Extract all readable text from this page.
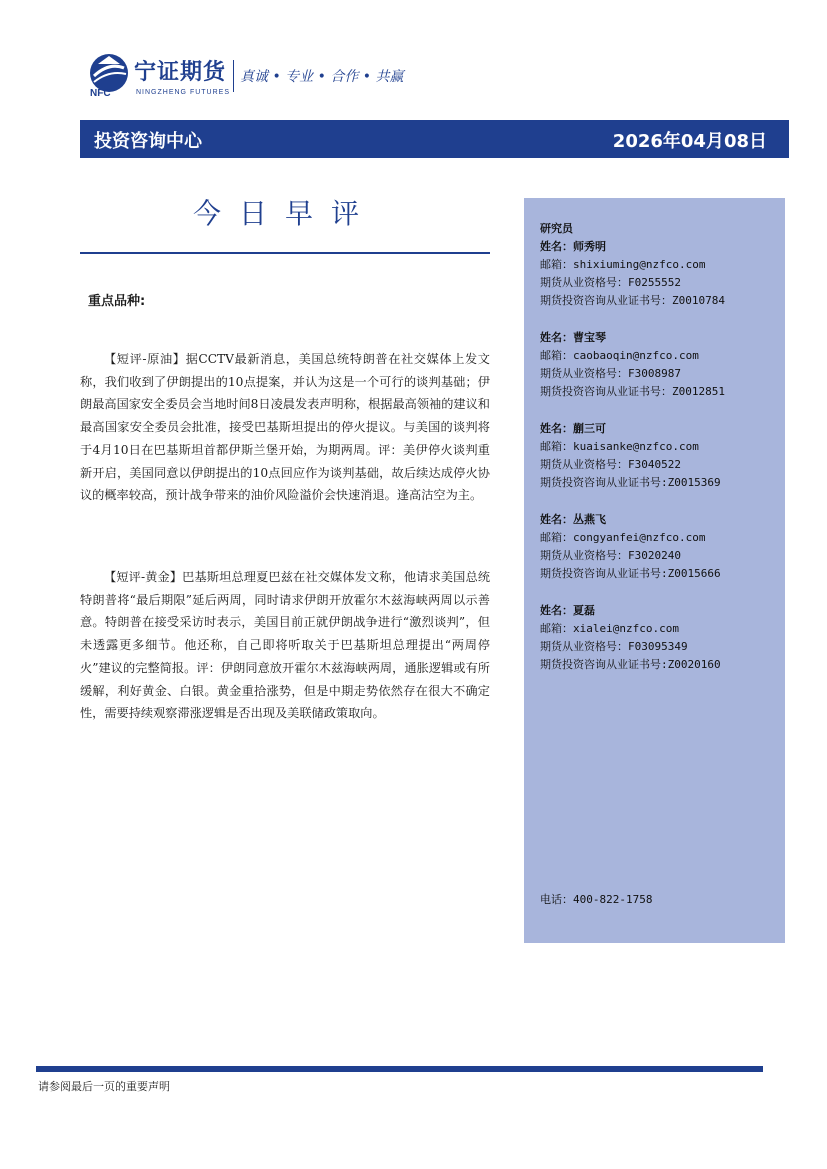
宁证期货
NFC	NINGZHENG FUTURES
真诚 • 专业 • 合作 • 共赢
投资咨询中心	2026年04月08日
今日早评
重点品种:

【短评-原油】据CCTV最新消息，美国总统特朗普在社交媒体上发文称，我们收到了伊朗提出的10点提案，并认为这是一个可行的谈判基础；伊朗最高国家安全委员会当地时间8日凌晨发表声明称，根据最高领袖的建议和最高国家安全委员会批准，接受巴基斯坦提出的停火提议。与美国的谈判将于4月10日在巴基斯坦首都伊斯兰堡开始，为期两周。评：美伊停火谈判重新开启，美国同意以伊朗提出的10点回应作为谈判基础，故后续达成停火协议的概率较高，预计战争带来的油价风险溢价会快速消退。逢高沽空为主。

【短评-黄金】巴基斯坦总理夏巴兹在社交媒体发文称，他请求美国总统特朗普将“最后期限”延后两周，同时请求伊朗开放霍尔木兹海峡两周以示善意。特朗普在接受采访时表示，美国目前正就伊朗战争进行“激烈谈判”，但未透露更多细节。他还称，自己即将听取关于巴基斯坦总理提出“两周停火”建议的完整简报。评：伊朗同意放开霍尔木兹海峡两周，通胀逻辑或有所缓解，利好黄金、白银。黄金重拾涨势，但是中期走势依然存在很大不确定性，需要持续观察滞涨逻辑是否出现及美联储政策取向。

研究员
姓名：师秀明
邮箱：shixiuming@nzfco.com
期货从业资格号：F0255552
期货投资咨询从业证书号：Z0010784
姓名：曹宝琴
邮箱：caobaoqin@nzfco.com
期货从业资格号：F3008987
期货投资咨询从业证书号：Z0012851
姓名：蒯三可
邮箱：kuaisanke@nzfco.com
期货从业资格号：F3040522
期货投资咨询从业证书号:Z0015369
姓名：丛燕飞
邮箱：congyanfei@nzfco.com
期货从业资格号：F3020240
期货投资咨询从业证书号:Z0015666
姓名：夏磊
邮箱：xialei@nzfco.com
期货从业资格号：F03095349
期货投资咨询从业证书号:Z0020160
电话：400-822-1758
请参阅最后一页的重要声明
